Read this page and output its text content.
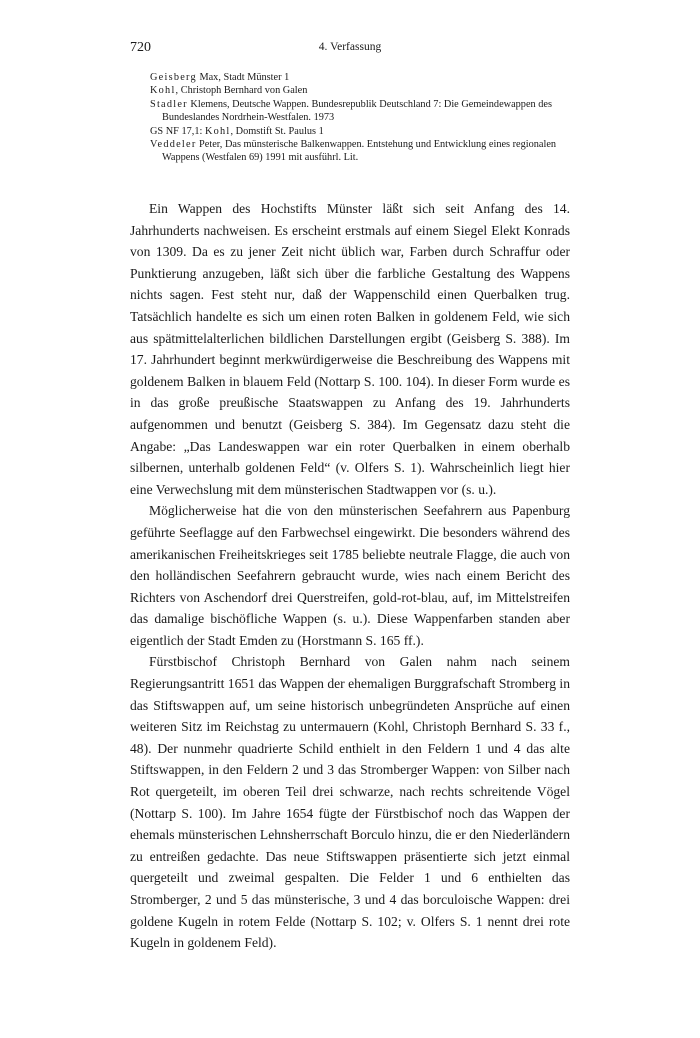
720	4. Verfassung
Geisberg Max, Stadt Münster 1
Kohl, Christoph Bernhard von Galen
Stadler Klemens, Deutsche Wappen. Bundesrepublik Deutschland 7: Die Gemeindewappen des Bundeslandes Nordrhein-Westfalen. 1973
GS NF 17,1: Kohl, Domstift St. Paulus 1
Veddeler Peter, Das münsterische Balkenwappen. Entstehung und Entwicklung eines regionalen Wappens (Westfalen 69) 1991 mit ausführl. Lit.

Ein Wappen des Hochstifts Münster läßt sich seit Anfang des 14. Jahrhunderts nachweisen. Es erscheint erstmals auf einem Siegel Elekt Konrads von 1309. Da es zu jener Zeit nicht üblich war, Farben durch Schraffur oder Punktierung anzugeben, läßt sich über die farbliche Gestaltung des Wappens nichts sagen. Fest steht nur, daß der Wappenschild einen Querbalken trug. Tatsächlich handelte es sich um einen roten Balken in goldenem Feld, wie sich aus spätmittelalterlichen bildlichen Darstellungen ergibt (Geisberg S. 388). Im 17. Jahrhundert beginnt merkwürdigerweise die Beschreibung des Wappens mit goldenem Balken in blauem Feld (Nottarp S. 100. 104). In dieser Form wurde es in das große preußische Staatswappen zu Anfang des 19. Jahrhunderts aufgenommen und benutzt (Geisberg S. 384). Im Gegensatz dazu steht die Angabe: „Das Landeswappen war ein roter Querbalken in einem oberhalb silbernen, unterhalb goldenen Feld“ (v. Olfers S. 1). Wahrscheinlich liegt hier eine Verwechslung mit dem münsterischen Stadtwappen vor (s. u.).

Möglicherweise hat die von den münsterischen Seefahrern aus Papenburg geführte Seeflagge auf den Farbwechsel eingewirkt. Die besonders während des amerikanischen Freiheitskrieges seit 1785 beliebte neutrale Flagge, die auch von den holländischen Seefahrern gebraucht wurde, wies nach einem Bericht des Richters von Aschendorf drei Querstreifen, gold-rot-blau, auf, im Mittelstreifen das damalige bischöfliche Wappen (s. u.). Diese Wappenfarben standen aber eigentlich der Stadt Emden zu (Horstmann S. 165 ff.).

Fürstbischof Christoph Bernhard von Galen nahm nach seinem Regierungsantritt 1651 das Wappen der ehemaligen Burggrafschaft Stromberg in das Stiftswappen auf, um seine historisch unbegründeten Ansprüche auf einen weiteren Sitz im Reichstag zu untermauern (Kohl, Christoph Bernhard S. 33 f., 48). Der nunmehr quadrierte Schild enthielt in den Feldern 1 und 4 das alte Stiftswappen, in den Feldern 2 und 3 das Stromberger Wappen: von Silber nach Rot quergeteilt, im oberen Teil drei schwarze, nach rechts schreitende Vögel (Nottarp S. 100). Im Jahre 1654 fügte der Fürstbischof noch das Wappen der ehemals münsterischen Lehnsherrschaft Borculo hinzu, die er den Niederländern zu entreißen gedachte. Das neue Stiftswappen präsentierte sich jetzt einmal quergeteilt und zweimal gespalten. Die Felder 1 und 6 enthielten das Stromberger, 2 und 5 das münsterische, 3 und 4 das borculoische Wappen: drei goldene Kugeln in rotem Felde (Nottarp S. 102; v. Olfers S. 1 nennt drei rote Kugeln in goldenem Feld).
